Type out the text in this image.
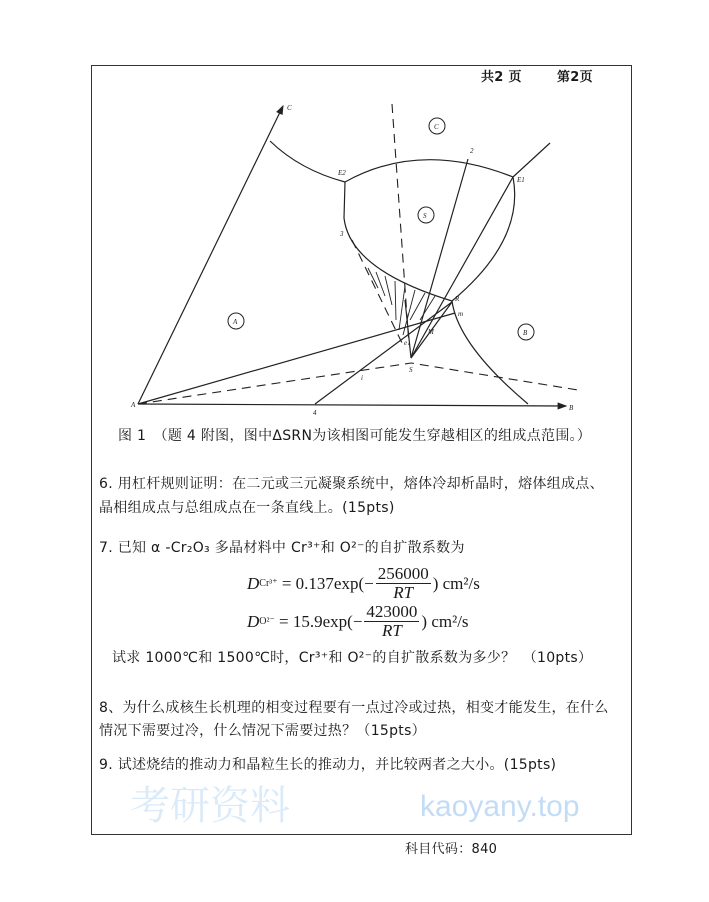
共2 页	第2页
C
S
A
B
A	B
C
E2
E1
2
3
R
m
M
S
4
i
e
图 1　（题 4 附图，图中ΔSRN为该相图可能发生穿越相区的组成点范围。）
6. 用杠杆规则证明：在二元或三元凝聚系统中，熔体冷却析晶时，熔体组成点、
晶相组成点与总组成点在一条直线上。(15pts)
7. 已知 α -Cr₂O₃ 多晶材料中 Cr³⁺和 O²⁻的自扩散系数为
D Cr³⁺
= $0.137\exp(- \frac{256000}{RT}$ ) cm²/s
D O²⁻
= $15.9\exp(- \frac{423000}{RT}$ ) cm²/s
试求 1000℃和 1500℃时，Cr³⁺和 O²⁻的自扩散系数为多少？　（10pts）
8、为什么成核生长机理的相变过程要有一点过冷或过热，相变才能发生，在什么
情况下需要过冷，什么情况下需要过热？（15pts）
9. 试述烧结的推动力和晶粒生长的推动力，并比较两者之大小。(15pts)
科目代码：840
考研资料	kaoyany.top
